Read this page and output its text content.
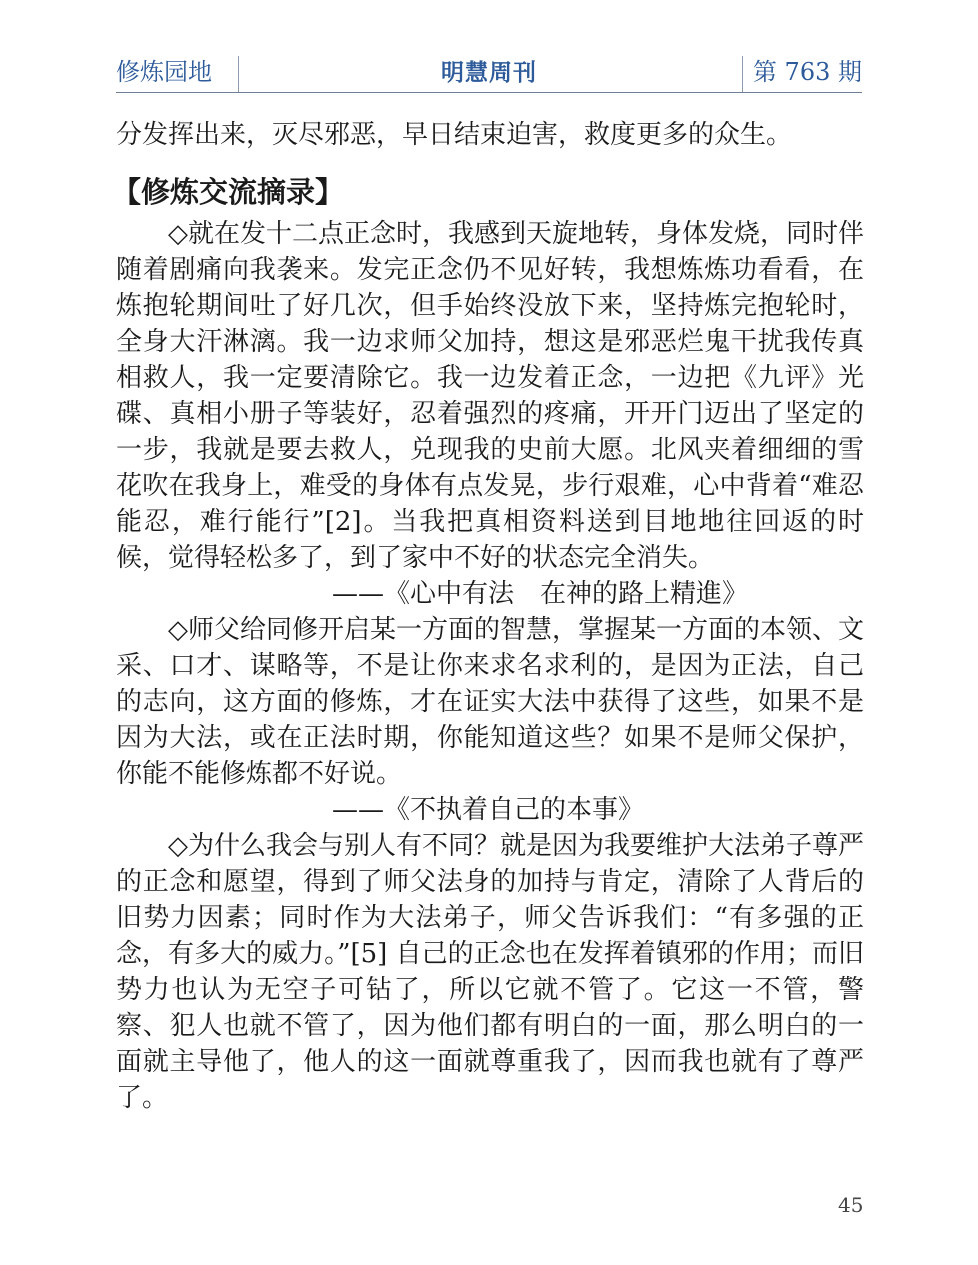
修炼园地	明慧周刊	第 763 期

分发挥出来，灭尽邪恶，早日结束迫害，救度更多的众生。

【修炼交流摘录】

◇就在发十二点正念时，我感到天旋地转，身体发烧，同时伴随着剧痛向我袭来。发完正念仍不见好转，我想炼炼功看看，在炼抱轮期间吐了好几次，但手始终没放下来，坚持炼完抱轮时，全身大汗淋漓。我一边求师父加持，想这是邪恶烂鬼干扰我传真相救人，我一定要清除它。我一边发着正念，一边把《九评》光碟、真相小册子等装好，忍着强烈的疼痛，开开门迈出了坚定的一步，我就是要去救人，兑现我的史前大愿。北风夹着细细的雪花吹在我身上，难受的身体有点发晃，步行艰难，心中背着“难忍能忍，难行能行”[2]。当我把真相资料送到目地地往回返的时候，觉得轻松多了，到了家中不好的状态完全消失。

——《心中有法　在神的路上精進》

◇师父给同修开启某一方面的智慧，掌握某一方面的本领、文采、口才、谋略等，不是让你来求名求利的，是因为正法，自己的志向，这方面的修炼，才在证实大法中获得了这些，如果不是因为大法，或在正法时期，你能知道这些？如果不是师父保护，你能不能修炼都不好说。

——《不执着自己的本事》

◇为什么我会与别人有不同？就是因为我要维护大法弟子尊严的正念和愿望，得到了师父法身的加持与肯定，清除了人背后的旧势力因素；同时作为大法弟子，师父告诉我们：“有多强的正念，有多大的威力。”[5] 自己的正念也在发挥着镇邪的作用；而旧势力也认为无空子可钻了，所以它就不管了。它这一不管，警察、犯人也就不管了，因为他们都有明白的一面，那么明白的一面就主导他了，他人的这一面就尊重我了，因而我也就有了尊严了。

45
